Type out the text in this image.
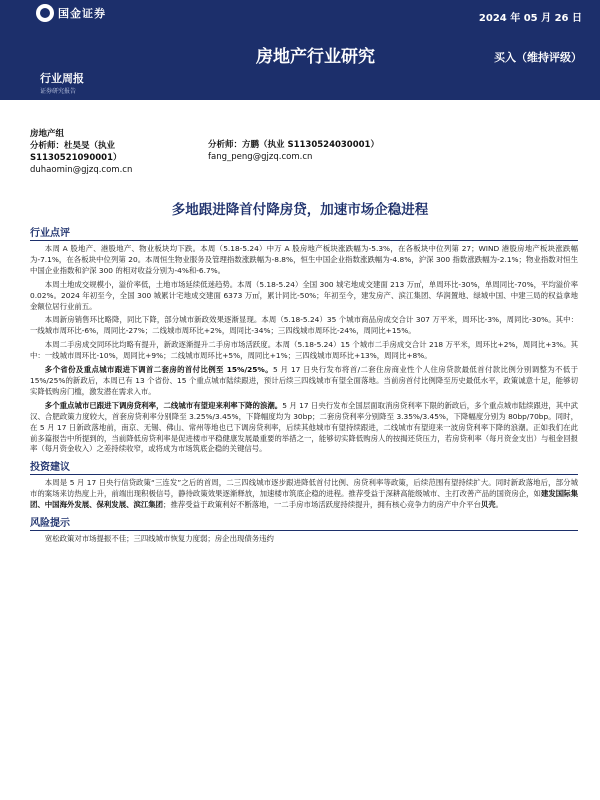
国金证券	2024 年 05 月 26 日
房地产行业研究	买入（维持评级）
行业周报
证券研究报告
房地产组
分析师：杜昊旻（执业
S1130521090001）
duhaomin@gjzq.com.cn
分析师：方鹏（执业 S1130524030001）
fang_peng@gjzq.com.cn
多地跟进降首付降房贷，加速市场企稳进程
行业点评

本周 A 股地产、港股地产、物业板块均下跌。本周（5.18-5.24）中万 A 股房地产板块涨跌幅为-5.3%，在各板块中位列第 27；WIND 港股房地产板块涨跌幅为-7.1%，在各板块中位列第 20。本周恒生物业服务及管理指数涨跌幅为-8.8%，恒生中国企业指数涨跌幅为-4.8%，沪深 300 指数涨跌幅为-2.1%；物业指数对恒生中国企业指数和沪深 300 的相对收益分别为-4%和-6.7%。

本周土地成交规模小，溢价率低，土地市场延续低迷趋势。本周（5.18-5.24）全国 300 城宅地成交建面 213 万㎡，单周环比-30%，单周同比-70%，平均溢价率 0.02%。2024 年初至今，全国 300 城累计宅地成交建面 6373 万㎡，累计同比-50%；年初至今，建发房产、滨江集团、华润置地、绿城中国、中建三局的权益拿地金额位居行业前五。

本周新房销售环比略降，同比下降，部分城市新政效果逐渐显现。本周（5.18-5.24）35 个城市商品房成交合计 307 万平米，周环比-3%，周同比-30%。其中：一线城市周环比-6%，周同比-27%；二线城市周环比+2%，周同比-34%；三四线城市周环比-24%，周同比+15%。

本周二手房成交同环比均略有提升，新政逐渐提升二手房市场活跃度。本周（5.18-5.24）15 个城市二手房成交合计 218 万平米，周环比+2%，周同比+3%。其中：一线城市周环比-10%，周同比+9%；二线城市周环比+5%，周同比+1%；三四线城市周环比+13%，周同比+8%。

多个省份及重点城市跟进下调首二套房的首付比例至 15%/25%。5 月 17 日央行发布将首/二套住房商业性个人住房贷款最低首付款比例分别调整为不低于 15%/25%的新政后，本周已有 13 个省份、15 个重点城市陆续跟进，预计后续三四线城市有望全面落地。当前房首付比例降至历史最低水平，政策诚意十足，能够切实降低购房门槛，激发潜在需求入市。

多个重点城市已跟进下调房贷利率，二线城市有望迎来利率下降的浪潮。5 月 17 日央行发布全国层面取消房贷利率下限的新政后，多个重点城市陆续跟进，其中武汉、合肥政策力度较大，首套房贷利率分别降至 3.25%/3.45%，下降幅度均为 30bp；二套房贷利率分别降至 3.35%/3.45%，下降幅度分别为 80bp/70bp。同时，在 5 月 17 日新政落地前，南京、无锡、佛山、常州等地也已下调房贷利率，后续其他城市有望持续跟进，二线城市有望迎来一波房贷利率下降的浪潮。正如我们在此前多篇报告中所提到的，当前降低房贷利率是促进楼市平稳健康发展最重要的举措之一，能够切实降低购房人的按揭还贷压力，若房贷利率（每月资金支出）与租金回报率（每月资金收入）之差持续收窄，或将成为市场筑底企稳的关键信号。

投资建议

本周是 5 月 17 日央行信贷政策“三连发”之后的首周，二三四线城市逐步跟进降低首付比例、房贷利率等政策，后续范围有望持续扩大。同时新政落地后，部分城市的案场来访热度上升，前端出现积极信号，静待政策效果逐渐释放，加速楼市筑底企稳的进程。推荐受益于深耕高能级城市、主打改善产品的国资房企，如建发国际集团、中国海外发展、保利发展、滨江集团；推荐受益于政策利好不断落地，一二手房市场活跃度持续提升，拥有核心竞争力的房产中介平台贝壳。

风险提示

宽松政策对市场提振不佳；三四线城市恢复力度弱；房企出现债务违约
